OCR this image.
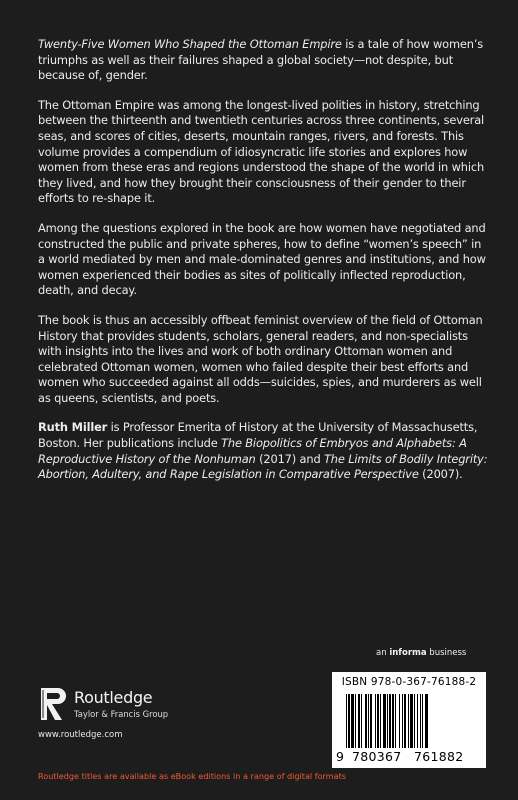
Twenty-Five Women Who Shaped the Ottoman Empire is a tale of how women’s triumphs as well as their failures shaped a global society—not despite, but because of, gender.

The Ottoman Empire was among the longest-lived polities in history, stretching between the thirteenth and twentieth centuries across three continents, several seas, and scores of cities, deserts, mountain ranges, rivers, and forests. This volume provides a compendium of idiosyncratic life stories and explores how women from these eras and regions understood the shape of the world in which they lived, and how they brought their consciousness of their gender to their efforts to re-shape it.

Among the questions explored in the book are how women have negotiated and constructed the public and private spheres, how to define “women’s speech” in a world mediated by men and male-dominated genres and institutions, and how women experienced their bodies as sites of politically inflected reproduction, death, and decay.

The book is thus an accessibly offbeat feminist overview of the field of Ottoman History that provides students, scholars, general readers, and non-specialists with insights into the lives and work of both ordinary Ottoman women and celebrated Ottoman women, women who failed despite their best efforts and women who succeeded against all odds—suicides, spies, and murderers as well as queens, scientists, and poets.

Ruth Miller is Professor Emerita of History at the University of Massachusetts, Boston. Her publications include The Biopolitics of Embryos and Alphabets: A Reproductive History of the Nonhuman (2017) and The Limits of Bodily Integrity: Abortion, Adultery, and Rape Legislation in Comparative Perspective (2007).

an informa business
ISBN 978-0-367-76188-2
9 780367 761882
Routledge
Taylor & Francis Group
www.routledge.com
Routledge titles are available as eBook editions in a range of digital formats
